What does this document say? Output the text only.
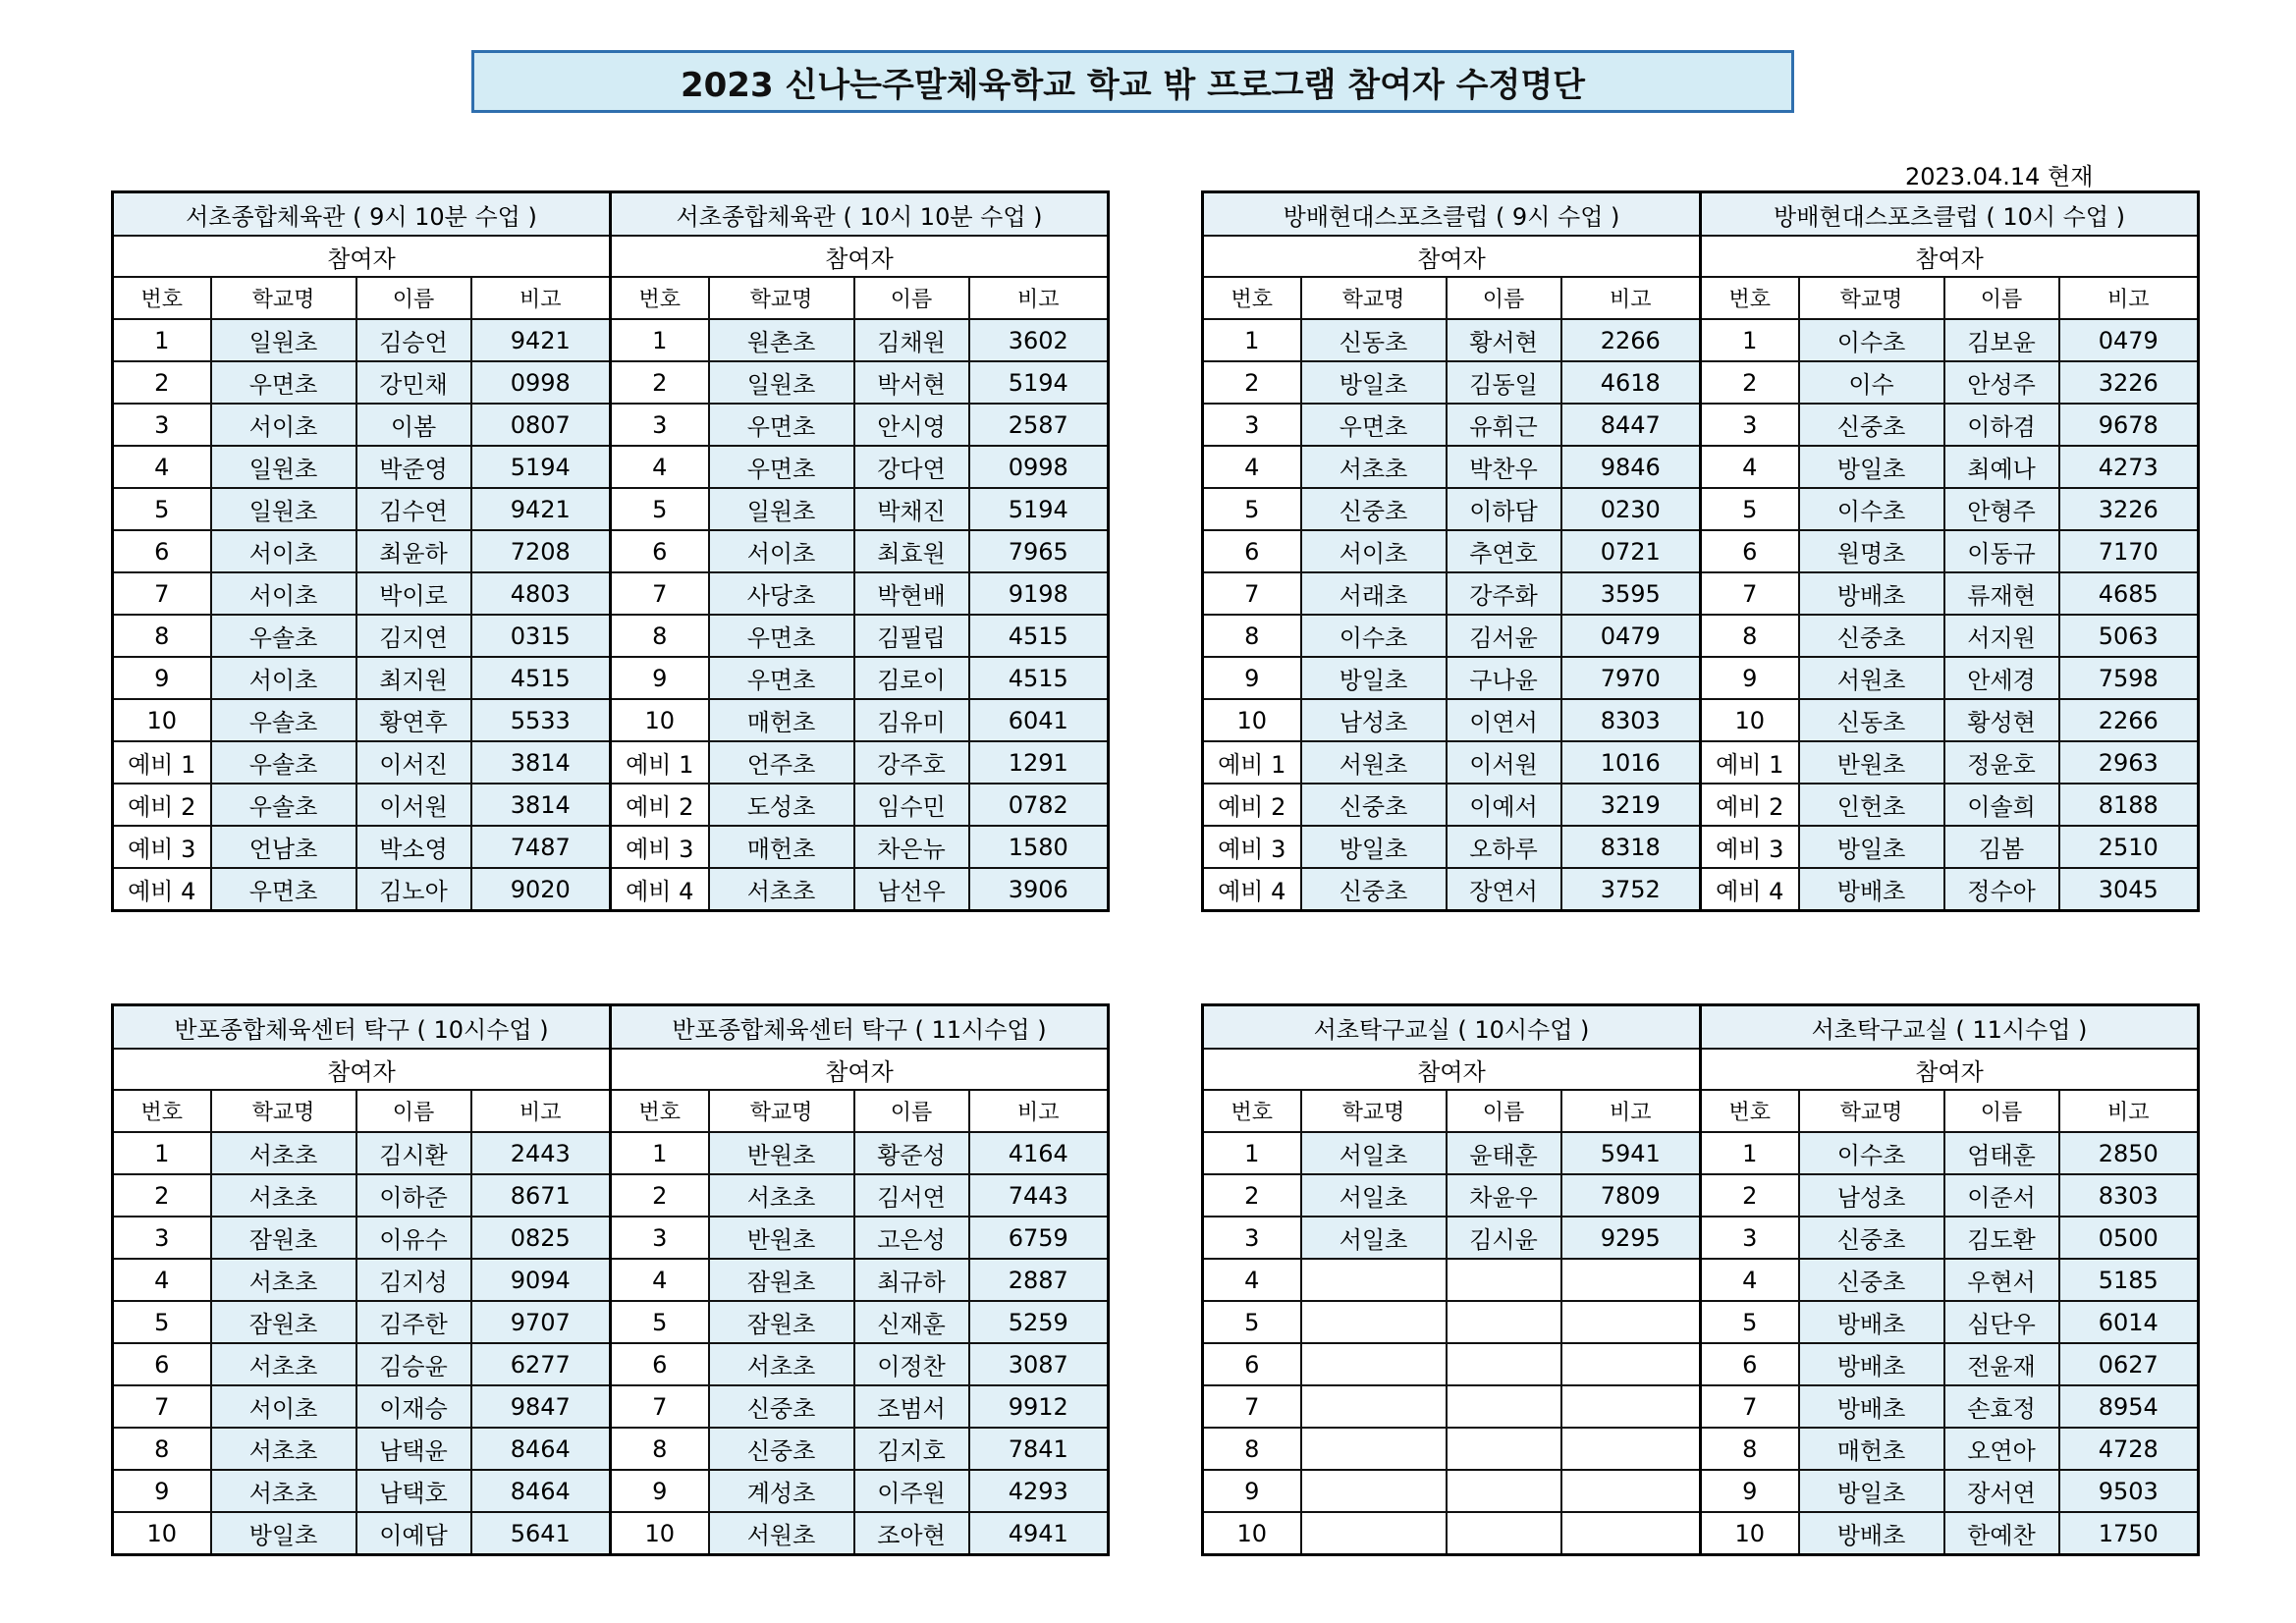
2023 신나는주말체육학교 학교 밖 프로그램 참여자 수정명단
2023.04.14 현재
서초종합체육관 ( 9시 10분 수업 )				서초종합체육관 ( 10시 10분 수업 )			
참여자				참여자			
번호	학교명	이름	비고	번호	학교명	이름	비고
1	일원초	김승언	9421	1	원촌초	김채원	3602
2	우면초	강민채	0998	2	일원초	박서현	5194
3	서이초	이봄	0807	3	우면초	안시영	2587
4	일원초	박준영	5194	4	우면초	강다연	0998
5	일원초	김수연	9421	5	일원초	박채진	5194
6	서이초	최윤하	7208	6	서이초	최효원	7965
7	서이초	박이로	4803	7	사당초	박현배	9198
8	우솔초	김지연	0315	8	우면초	김필립	4515
9	서이초	최지원	4515	9	우면초	김로이	4515
10	우솔초	황연후	5533	10	매헌초	김유미	6041
예비 1	우솔초	이서진	3814	예비 1	언주초	강주호	1291
예비 2	우솔초	이서원	3814	예비 2	도성초	임수민	0782
예비 3	언남초	박소영	7487	예비 3	매헌초	차은뉴	1580
예비 4	우면초	김노아	9020	예비 4	서초초	남선우	3906
방배현대스포츠클럽 ( 9시 수업 )				방배현대스포츠클럽 ( 10시 수업 )			
참여자				참여자			
번호	학교명	이름	비고	번호	학교명	이름	비고
1	신동초	황서현	2266	1	이수초	김보윤	0479
2	방일초	김동일	4618	2	이수	안성주	3226
3	우면초	유휘근	8447	3	신중초	이하겸	9678
4	서초초	박찬우	9846	4	방일초	최예나	4273
5	신중초	이하담	0230	5	이수초	안형주	3226
6	서이초	추연호	0721	6	원명초	이동규	7170
7	서래초	강주화	3595	7	방배초	류재현	4685
8	이수초	김서윤	0479	8	신중초	서지원	5063
9	방일초	구나윤	7970	9	서원초	안세경	7598
10	남성초	이연서	8303	10	신동초	황성현	2266
예비 1	서원초	이서원	1016	예비 1	반원초	정윤호	2963
예비 2	신중초	이예서	3219	예비 2	인헌초	이솔희	8188
예비 3	방일초	오하루	8318	예비 3	방일초	김봄	2510
예비 4	신중초	장연서	3752	예비 4	방배초	정수아	3045
반포종합체육센터 탁구 ( 10시수업 )				반포종합체육센터 탁구 ( 11시수업 )			
참여자				참여자			
번호	학교명	이름	비고	번호	학교명	이름	비고
1	서초초	김시환	2443	1	반원초	황준성	4164
2	서초초	이하준	8671	2	서초초	김서연	7443
3	잠원초	이유수	0825	3	반원초	고은성	6759
4	서초초	김지성	9094	4	잠원초	최규하	2887
5	잠원초	김주한	9707	5	잠원초	신재훈	5259
6	서초초	김승윤	6277	6	서초초	이정찬	3087
7	서이초	이재승	9847	7	신중초	조범서	9912
8	서초초	남택윤	8464	8	신중초	김지호	7841
9	서초초	남택호	8464	9	계성초	이주원	4293
10	방일초	이예담	5641	10	서원초	조아현	4941
서초탁구교실 ( 10시수업 )				서초탁구교실 ( 11시수업 )			
참여자				참여자			
번호	학교명	이름	비고	번호	학교명	이름	비고
1	서일초	윤태훈	5941	1	이수초	엄태훈	2850
2	서일초	차윤우	7809	2	남성초	이준서	8303
3	서일초	김시윤	9295	3	신중초	김도환	0500
4				4	신중초	우현서	5185
5				5	방배초	심단우	6014
6				6	방배초	전윤재	0627
7				7	방배초	손효정	8954
8				8	매헌초	오연아	4728
9				9	방일초	장서연	9503
10				10	방배초	한예찬	1750
